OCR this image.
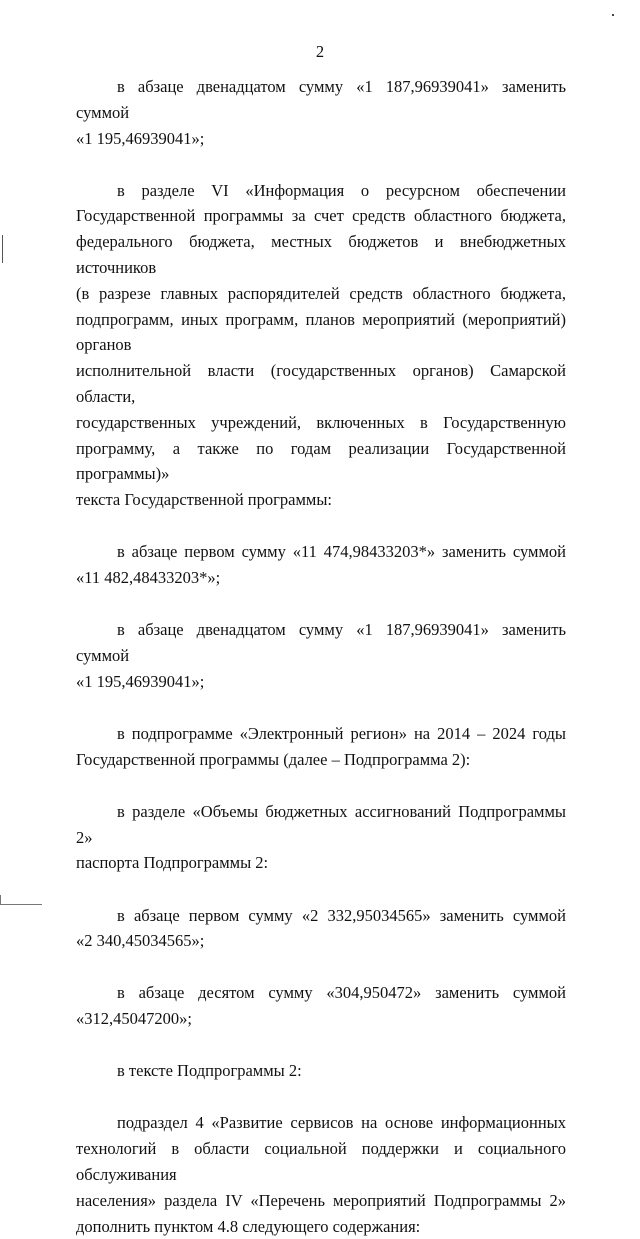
2
в абзаце двенадцатом сумму «1 187,96939041» заменить суммой
«1 195,46939041»;
в разделе VI «Информация о ресурсном обеспечении
Государственной программы за счет средств областного бюджета,
федерального бюджета, местных бюджетов и внебюджетных источников
(в разрезе главных распорядителей средств областного бюджета,
подпрограмм, иных программ, планов мероприятий (мероприятий) органов
исполнительной власти (государственных органов) Самарской области,
государственных учреждений, включенных в Государственную
программу, а также по годам реализации Государственной программы)»
текста Государственной программы:
в абзаце первом сумму «11 474,98433203*» заменить суммой
«11 482,48433203*»;
в абзаце двенадцатом сумму «1 187,96939041» заменить суммой
«1 195,46939041»;
в подпрограмме «Электронный регион» на 2014 – 2024 годы
Государственной программы (далее – Подпрограмма 2):
в разделе «Объемы бюджетных ассигнований Подпрограммы 2»
паспорта Подпрограммы 2:
в абзаце первом сумму «2 332,95034565» заменить суммой
«2 340,45034565»;
в абзаце десятом сумму «304,950472» заменить суммой
«312,45047200»;
в тексте Подпрограммы 2:
подраздел 4 «Развитие сервисов на основе информационных
технологий в области социальной поддержки и социального обслуживания
населения» раздела IV «Перечень мероприятий Подпрограммы 2»
дополнить пунктом 4.8 следующего содержания:
